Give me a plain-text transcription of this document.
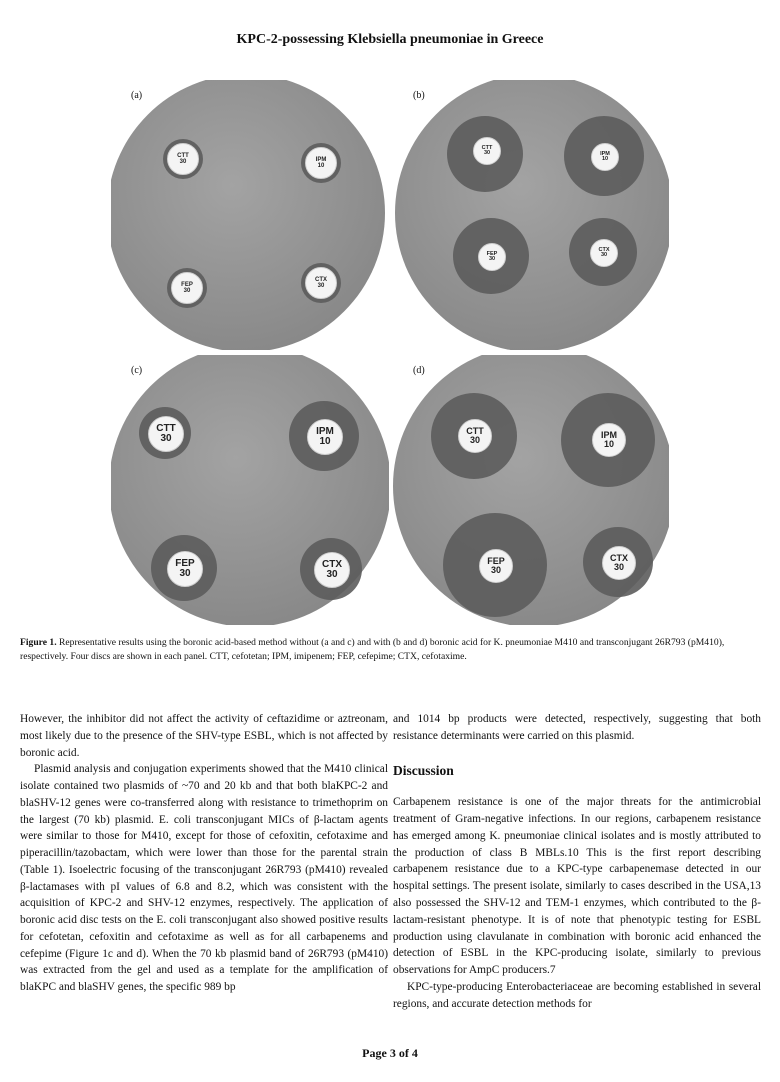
KPC-2-possessing Klebsiella pneumoniae in Greece
CTT
30	IPM
10
FEP
30
CTX
30
(a)
CTT
30	IPM
10
FEP
30
CTX
30
(b)
CTT
30
IPM
10
FEP
30
CTX
30
(c)
CTT
30	IPM
10
FEP
30
CTX
30
(d)
Figure 1. Representative results using the boronic acid-based method without (a and c) and with (b and d) boronic acid for K. pneumoniae M410 and transconjugant 26R793 (pM410), respectively. Four discs are shown in each panel. CTT, cefotetan; IPM, imipenem; FEP, cefepime; CTX, cefotaxime.

However, the inhibitor did not affect the activity of ceftazidime or aztreonam, most likely due to the presence of the SHV-type ESBL, which is not affected by boronic acid.

Plasmid analysis and conjugation experiments showed that the M410 clinical isolate contained two plasmids of ~70 and 20 kb and that both blaKPC-2 and blaSHV-12 genes were co-transferred along with resistance to trimethoprim on the largest (70 kb) plasmid. E. coli transconjugant MICs of β-lactam agents were similar to those for M410, except for those of cefoxitin, cefotaxime and piperacillin/tazobactam, which were lower than those for the parental strain (Table 1). Isoelectric focusing of the transconjugant 26R793 (pM410) revealed β-lactamases with pI values of 6.8 and 8.2, which was consistent with the acquisition of KPC-2 and SHV-12 enzymes, respectively. The application of boronic acid disc tests on the E. coli transconjugant also showed positive results for cefotetan, cefoxitin and cefotaxime as well as for all carbapenems and cefepime (Figure 1c and d). When the 70 kb plasmid band of 26R793 (pM410) was extracted from the gel and used as a template for the amplification of blaKPC and blaSHV genes, the specific 989 bp

and 1014 bp products were detected, respectively, suggesting that both resistance determinants were carried on this plasmid.

Discussion

Carbapenem resistance is one of the major threats for the antimicrobial treatment of Gram-negative infections. In our regions, carbapenem resistance has emerged among K. pneumoniae clinical isolates and is mostly attributed to the production of class B MBLs.10 This is the first report describing carbapenem resistance due to a KPC-type carbapenemase detected in our hospital settings. The present isolate, similarly to cases described in the USA,13 also possessed the SHV-12 and TEM-1 enzymes, which contributed to the β-lactam-resistant phenotype. It is of note that phenotypic testing for ESBL production using clavulanate in combination with boronic acid enhanced the detection of ESBL in the KPC-producing isolate, similarly to previous observations for AmpC producers.7

KPC-type-producing Enterobacteriaceae are becoming established in several regions, and accurate detection methods for

Page 3 of 4
